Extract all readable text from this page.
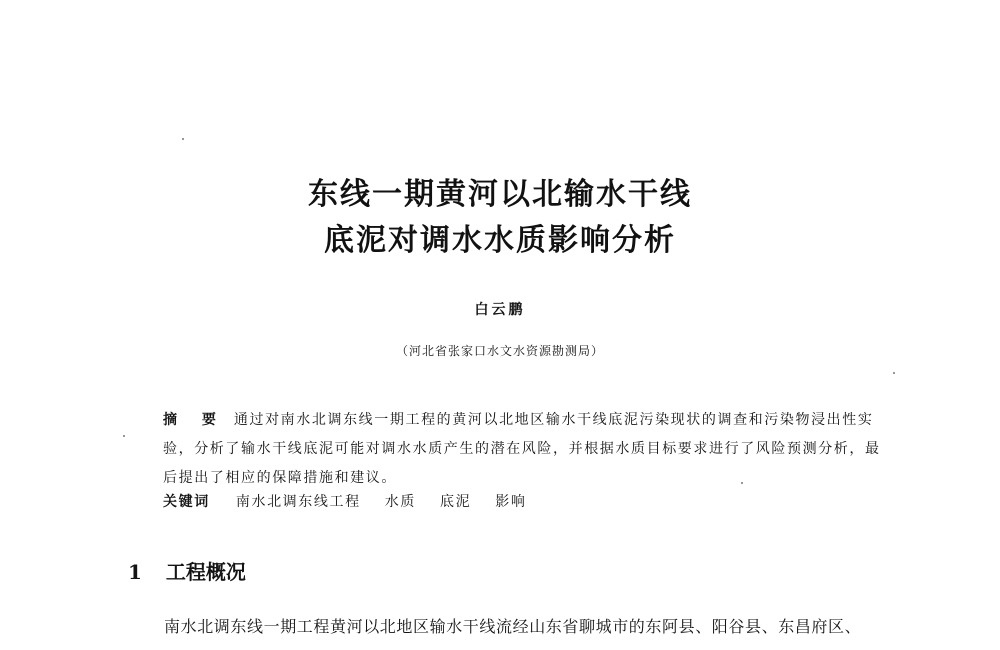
东线一期黄河以北输水干线
底泥对调水水质影响分析
白云鹏
（河北省张家口水文水资源勘测局）
摘 要 通过对南水北调东线一期工程的黄河以北地区输水干线底泥污染现状的调查和污染物浸出性实验，分析了输水干线底泥可能对调水水质产生的潜在风险，并根据水质目标要求进行了风险预测分析，最后提出了相应的保障措施和建议。
关键词 南水北调东线工程 水质 底泥 影响
1 工程概况
南水北调东线一期工程黄河以北地区输水干线流经山东省聊城市的东阿县、阳谷县、东昌府区、
